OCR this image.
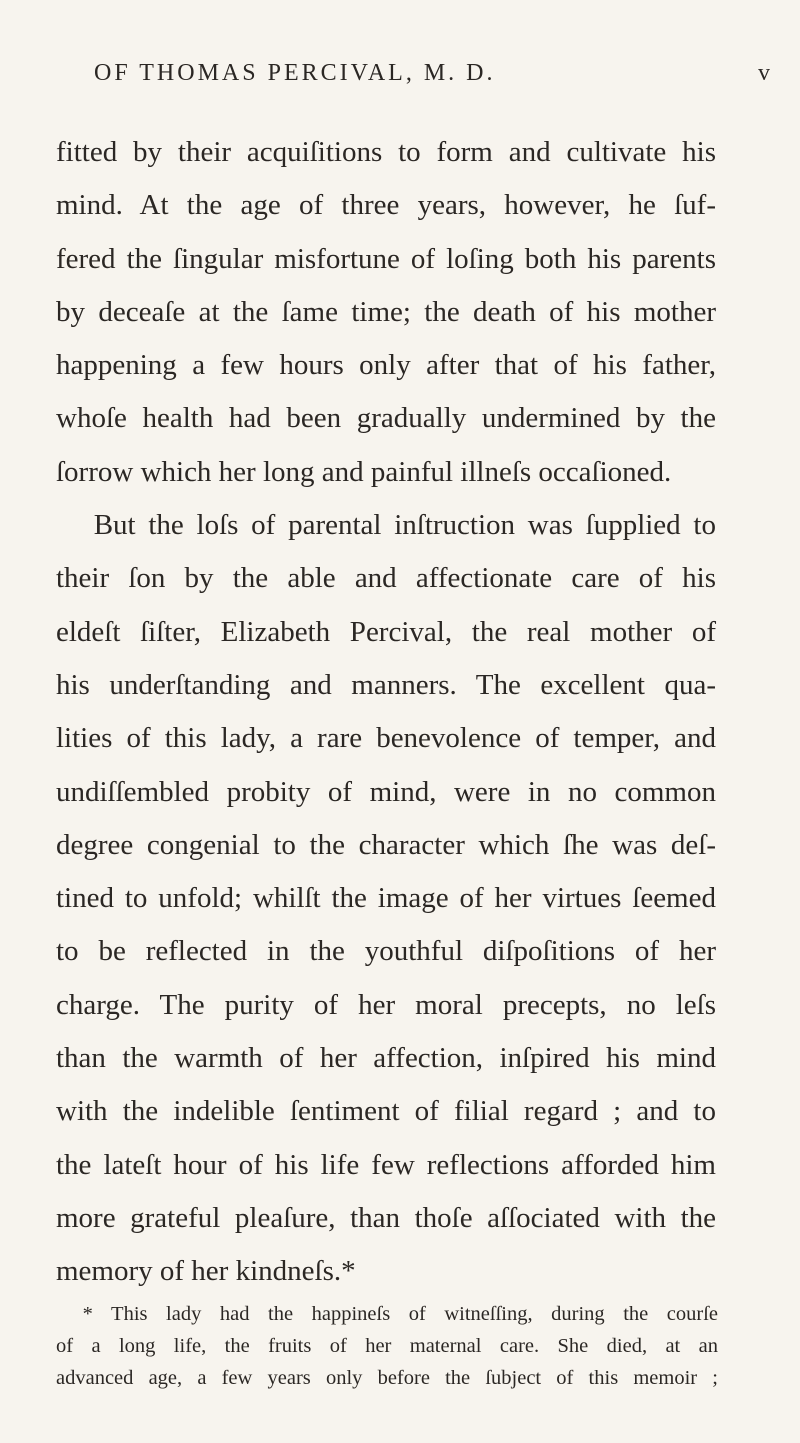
OF THOMAS PERCIVAL, M. D.	v
fitted by their acquiſitions to form and cultivate his
mind. At the age of three years, however, he ſuf-
fered the ſingular misfortune of loſing both his parents
by deceaſe at the ſame time; the death of his mother
happening a few hours only after that of his father,
whoſe health had been gradually undermined by the
ſorrow which her long and painful illneſs occaſioned.
But the loſs of parental inſtruction was ſupplied to
their ſon by the able and affectionate care of his
eldeſt ſiſter, Elizabeth Percival, the real mother of
his underſtanding and manners. The excellent qua-
lities of this lady, a rare benevolence of temper, and
undiſſembled probity of mind, were in no common
degree congenial to the character which ſhe was deſ-
tined to unfold; whilſt the image of her virtues ſeemed
to be reflected in the youthful diſpoſitions of her
charge. The purity of her moral precepts, no leſs
than the warmth of her affection, inſpired his mind
with the indelible ſentiment of filial regard ; and to
the lateſt hour of his life few reflections afforded him
more grateful pleaſure, than thoſe aſſociated with the
memory of her kindneſs.*
* This lady had the happineſs of witneſſing, during the courſe
of a long life, the fruits of her maternal care. She died, at an
advanced age, a few years only before the ſubject of this memoir ;
